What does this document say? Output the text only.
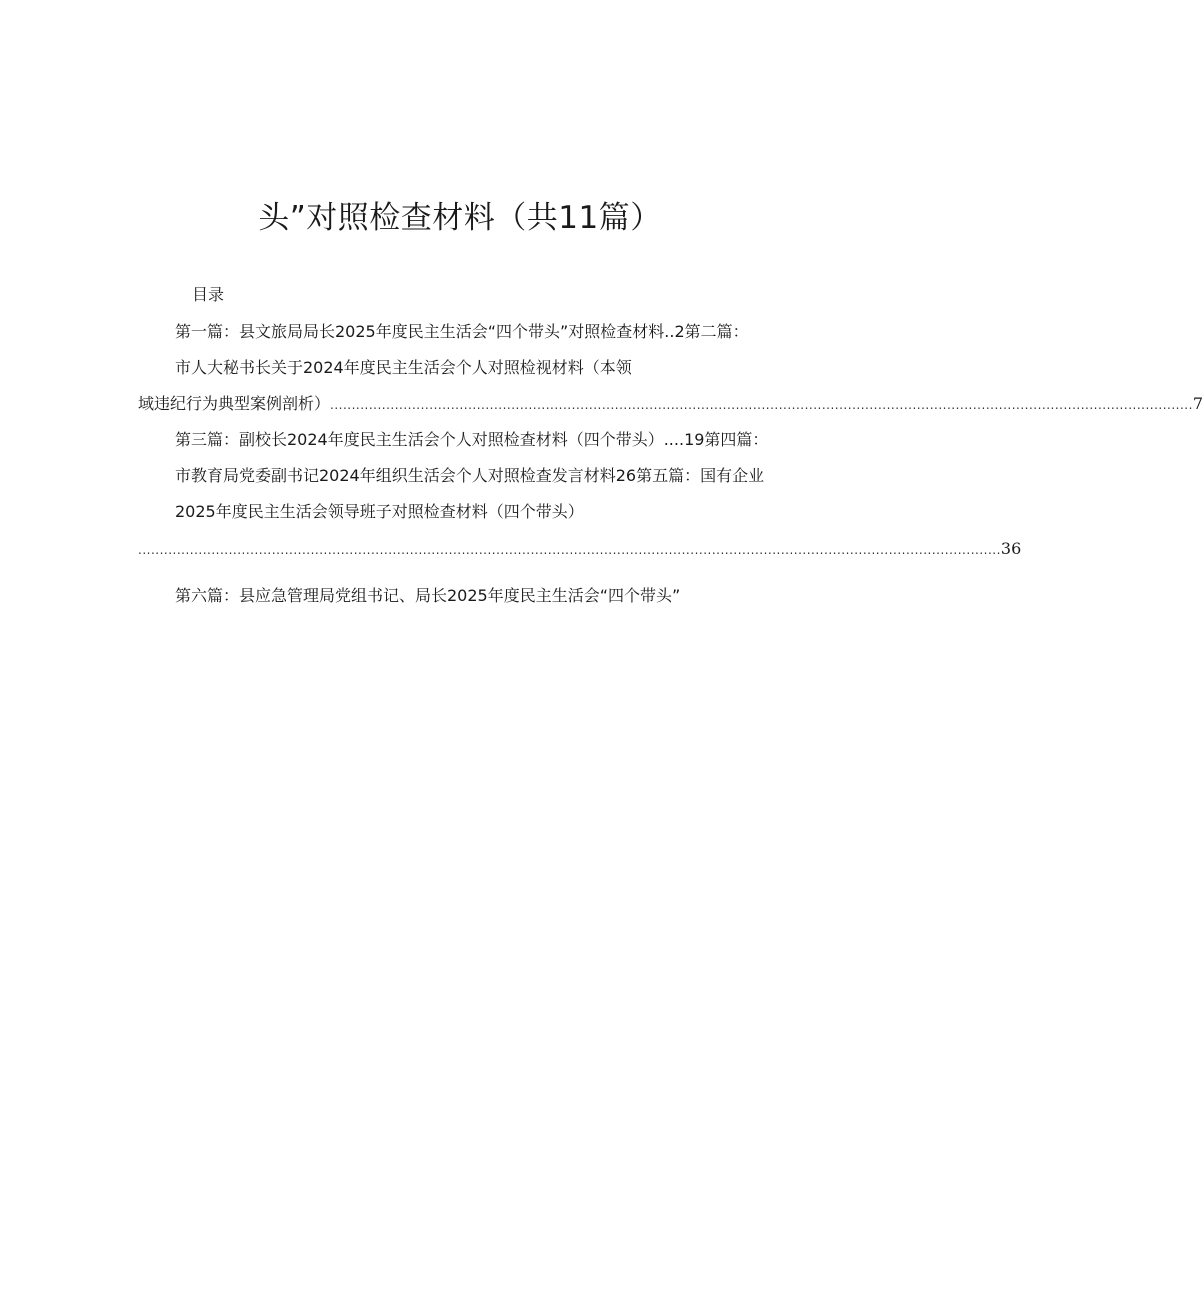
头”对照检查材料（共11篇）
目录
第一篇：县文旅局局长2025年度民主生活会“四个带头”对照检查材料..2第二篇：
市人大秘书长关于2024年度民主生活会个人对照检视材料（本领
域违纪行为典型案例剖析） ........................................................................................................................................................................................................ 7
第三篇：副校长2024年度民主生活会个人对照检查材料（四个带头）....19第四篇：
市教育局党委副书记2024年组织生活会个人对照检查发言材料26第五篇：国有企业
2025年度民主生活会领导班子对照检查材料（四个带头）
........................................................................................................................................................................................................ 36
第六篇：县应急管理局党组书记、局长2025年度民主生活会“四个带头”
